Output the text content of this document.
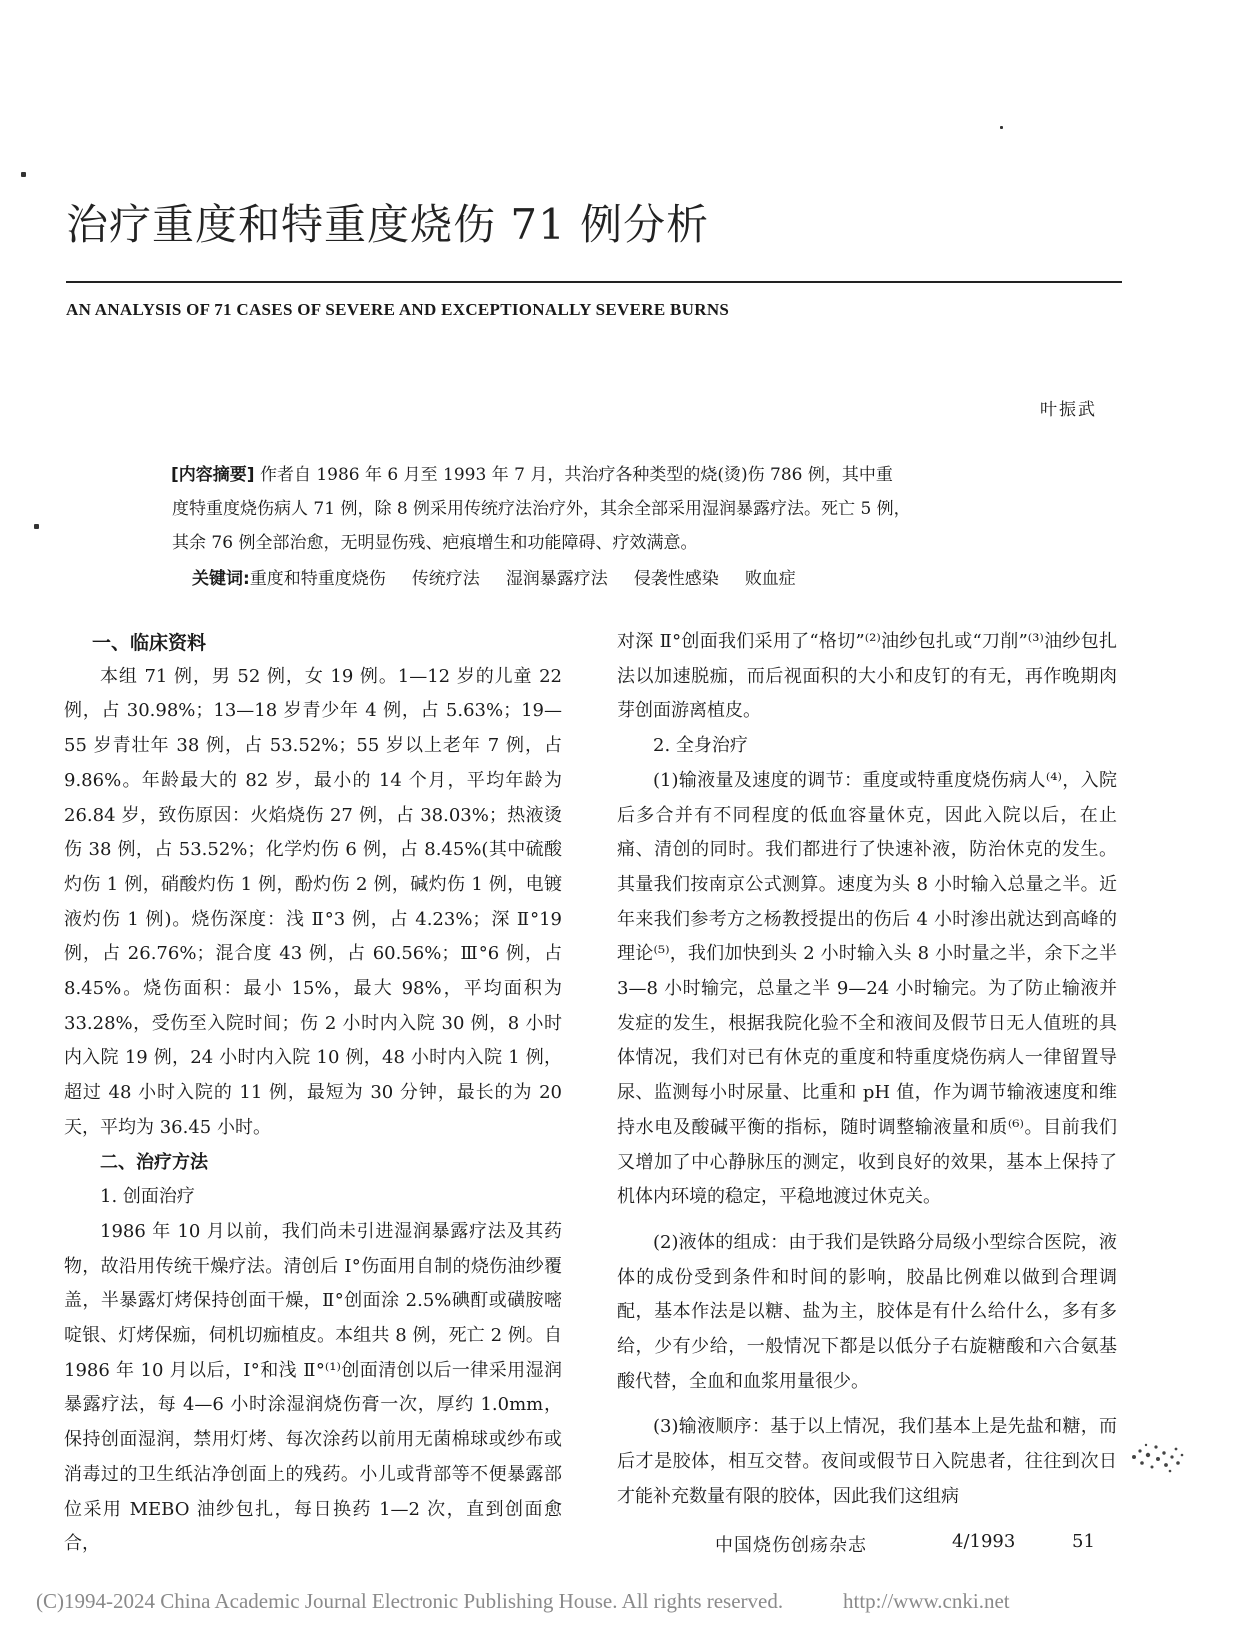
治疗重度和特重度烧伤 71 例分析
AN ANALYSIS OF 71 CASES OF SEVERE AND EXCEPTIONALLY SEVERE BURNS
叶振武

[内容摘要] 作者自 1986 年 6 月至 1993 年 7 月，共治疗各种类型的烧(烫)伤 786 例，其中重

度特重度烧伤病人 71 例，除 8 例采用传统疗法治疗外，其余全部采用湿润暴露疗法。死亡 5 例，

其余 76 例全部治愈，无明显伤残、疤痕增生和功能障碍、疗效满意。

关键词:重度和特重度烧伤 传统疗法 湿润暴露疗法 侵袭性感染 败血症

一、临床资料

本组 71 例，男 52 例，女 19 例。1—12 岁的儿童 22 例，占 30.98%；13—18 岁青少年 4 例，占 5.63%；19—55 岁青壮年 38 例，占 53.52%；55 岁以上老年 7 例，占 9.86%。年龄最大的 82 岁，最小的 14 个月，平均年龄为 26.84 岁，致伤原因：火焰烧伤 27 例，占 38.03%；热液烫伤 38 例，占 53.52%；化学灼伤 6 例，占 8.45%(其中硫酸灼伤 1 例，硝酸灼伤 1 例，酚灼伤 2 例，碱灼伤 1 例，电镀液灼伤 1 例)。烧伤深度：浅 Ⅱ°3 例，占 4.23%；深 Ⅱ°19 例，占 26.76%；混合度 43 例，占 60.56%；Ⅲ°6 例，占 8.45%。烧伤面积：最小 15%，最大 98%，平均面积为 33.28%，受伤至入院时间；伤 2 小时内入院 30 例，8 小时内入院 19 例，24 小时内入院 10 例，48 小时内入院 1 例，超过 48 小时入院的 11 例，最短为 30 分钟，最长的为 20 天，平均为 36.45 小时。

二、治疗方法

1. 创面治疗

1986 年 10 月以前，我们尚未引进湿润暴露疗法及其药物，故沿用传统干燥疗法。清创后 Ⅰ°伤面用自制的烧伤油纱覆盖，半暴露灯烤保持创面干燥，Ⅱ°创面涂 2.5%碘酊或磺胺嘧啶银、灯烤保痂，伺机切痂植皮。本组共 8 例，死亡 2 例。自 1986 年 10 月以后，Ⅰ°和浅 Ⅱ°⁽¹⁾创面清创以后一律采用湿润暴露疗法，每 4—6 小时涂湿润烧伤膏一次，厚约 1.0mm，保持创面湿润，禁用灯烤、每次涂药以前用无菌棉球或纱布或消毒过的卫生纸沾净创面上的残药。小儿或背部等不便暴露部位采用 MEBO 油纱包扎，每日换药 1—2 次，直到创面愈合，

对深 Ⅱ°创面我们采用了“格切”⁽²⁾油纱包扎或“刀削”⁽³⁾油纱包扎法以加速脱痂，而后视面积的大小和皮钉的有无，再作晚期肉芽创面游离植皮。

2. 全身治疗

(1)输液量及速度的调节：重度或特重度烧伤病人⁽⁴⁾，入院后多合并有不同程度的低血容量休克，因此入院以后，在止痛、清创的同时。我们都进行了快速补液，防治休克的发生。其量我们按南京公式测算。速度为头 8 小时输入总量之半。近年来我们参考方之杨教授提出的伤后 4 小时渗出就达到高峰的理论⁽⁵⁾，我们加快到头 2 小时输入头 8 小时量之半，余下之半 3—8 小时输完，总量之半 9—24 小时输完。为了防止输液并发症的发生，根据我院化验不全和液间及假节日无人值班的具体情况，我们对已有休克的重度和特重度烧伤病人一律留置导尿、监测每小时尿量、比重和 pH 值，作为调节输液速度和维持水电及酸碱平衡的指标，随时调整输液量和质⁽⁶⁾。目前我们又增加了中心静脉压的测定，收到良好的效果，基本上保持了机体内环境的稳定，平稳地渡过休克关。

(2)液体的组成：由于我们是铁路分局级小型综合医院，液体的成份受到条件和时间的影响，胶晶比例难以做到合理调配，基本作法是以糖、盐为主，胶体是有什么给什么，多有多给，少有少给，一般情况下都是以低分子右旋糖酸和六合氨基酸代替，全血和血浆用量很少。

(3)输液顺序：基于以上情况，我们基本上是先盐和糖，而后才是胶体，相互交替。夜间或假节日入院患者，往往到次日才能补充数量有限的胶体，因此我们这组病

中国烧伤创疡杂志	4/1993	51
(C)1994-2024 China Academic Journal Electronic Publishing House. All rights reserved.	http://www.cnki.net
